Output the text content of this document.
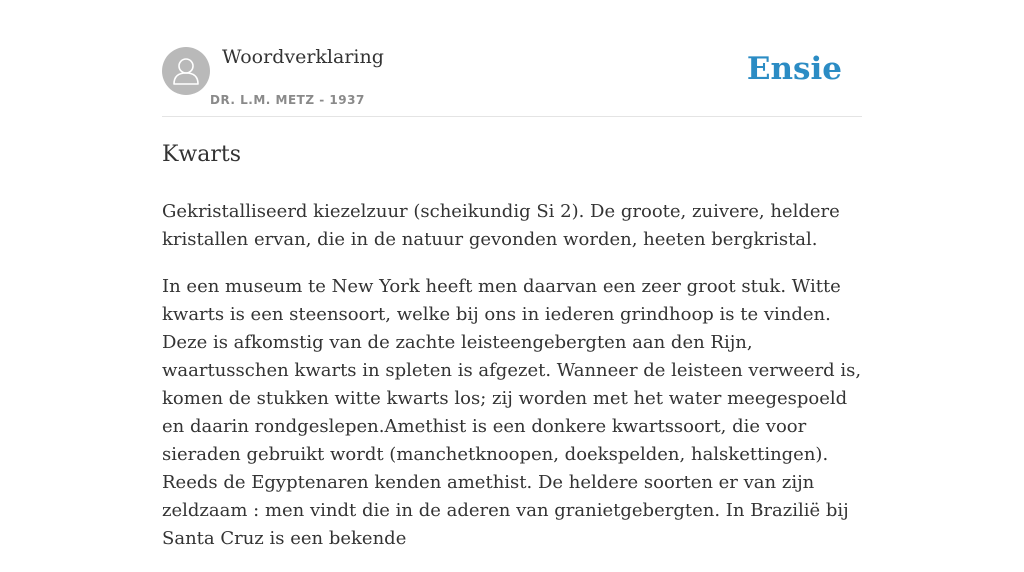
Woordverklaring
DR. L.M. METZ - 1937
Ensie
Kwarts

Gekristalliseerd kiezelzuur (scheikundig Si 2). De groote, zuivere, heldere kristallen ervan, die in de natuur gevonden worden, heeten bergkristal.

In een museum te New York heeft men daarvan een zeer groot stuk. Witte kwarts is een steensoort, welke bij ons in iederen grindhoop is te vinden. Deze is afkomstig van de zachte leisteengebergten aan den Rijn, waartusschen kwarts in spleten is afgezet. Wanneer de leisteen verweerd is, komen de stukken witte kwarts los; zij worden met het water meegespoeld en daarin rondgeslepen.Amethist is een donkere kwartssoort, die voor sieraden gebruikt wordt (manchetknoopen, doekspelden, halskettingen). Reeds de Egyptenaren kenden amethist. De heldere soorten er van zijn zeldzaam : men vindt die in de aderen van granietgebergten. In Brazilië bij Santa Cruz is een bekende
